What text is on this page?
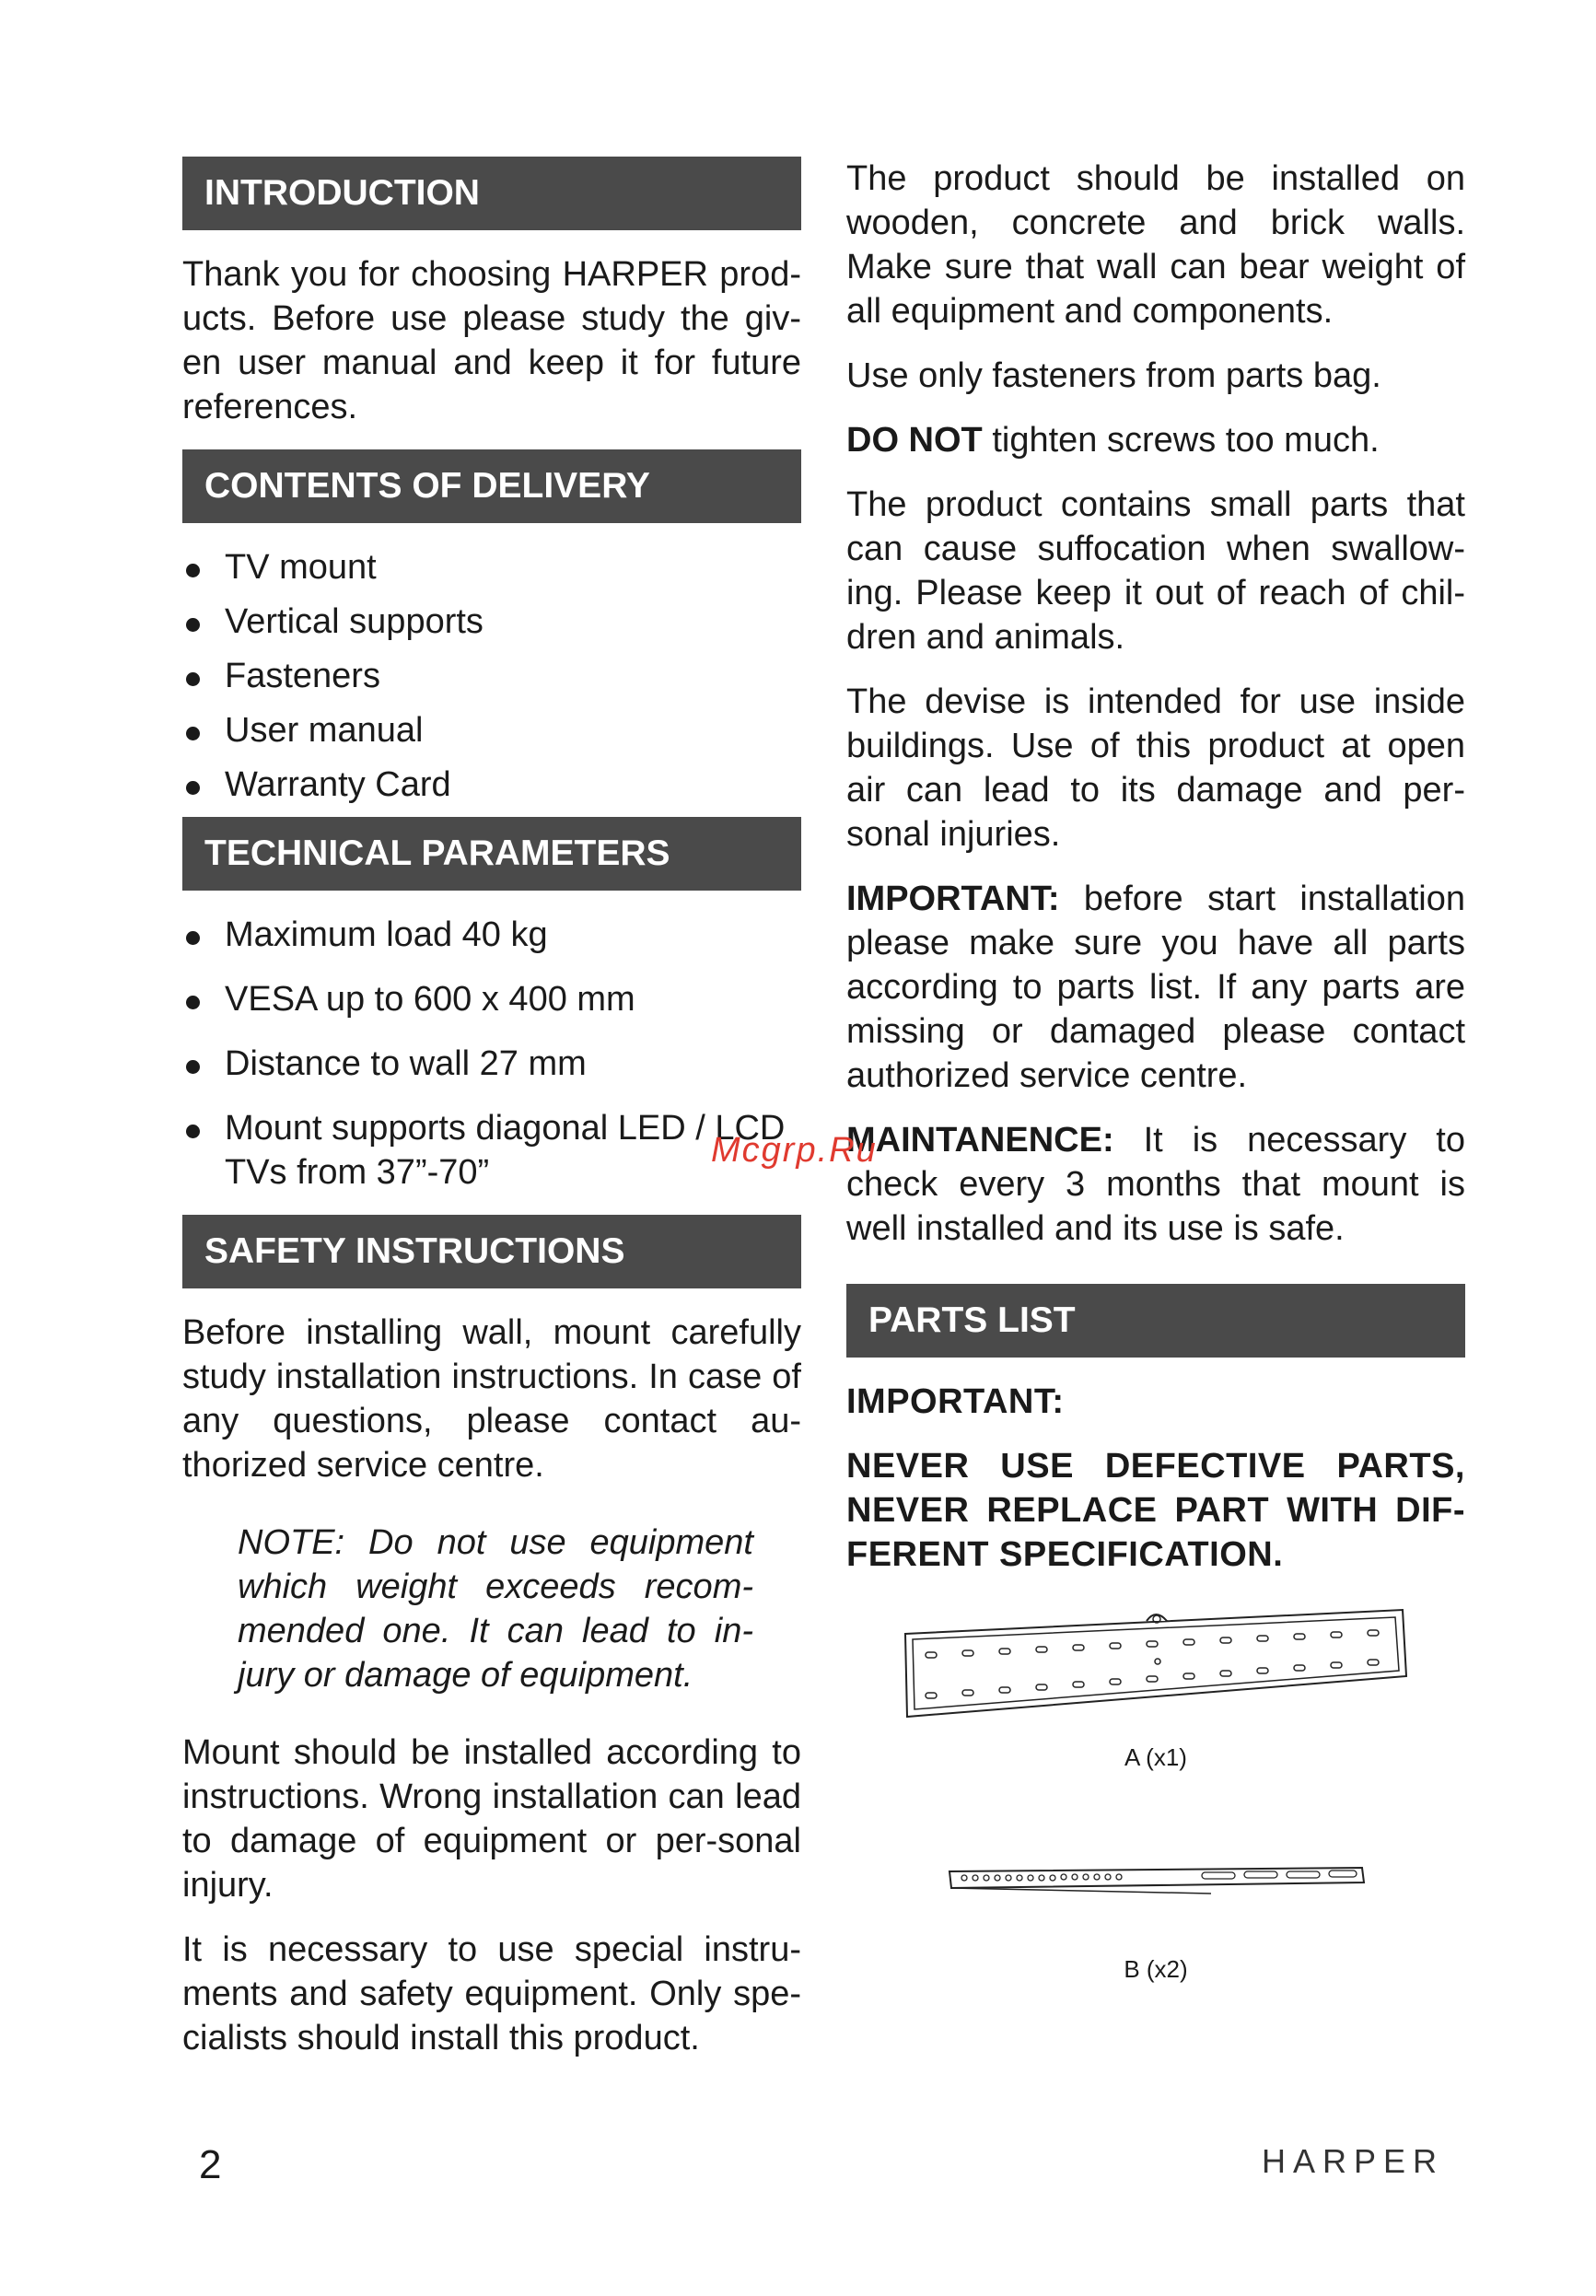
INTRODUCTION

Thank you for choosing HARPER prod-ucts. Before use please study the giv-en user manual and keep it for future references.

CONTENTS OF DELIVERY
TV mount
Vertical supports
Fasteners
User manual
Warranty Card
TECHNICAL PARAMETERS
Maximum load 40 kg
VESA up to 600 x 400 mm
Distance to wall 27 mm
Mount supports diagonal LED / LCD TVs from 37”-70”
SAFETY INSTRUCTIONS

Before installing wall, mount carefully study installation instructions. In case of any questions, please contact au-thorized service centre.

NOTE: Do not use equipment which weight exceeds recom-mended one. It can lead to in-jury or damage of equipment.

Mount should be installed according to instructions. Wrong installation can lead to damage of equipment or per-sonal injury.

It is necessary to use special instru-ments and safety equipment. Only spe-cialists should install this product.

The product should be installed on wooden, concrete and brick walls. Make sure that wall can bear weight of all equipment and components.

Use only fasteners from parts bag.

DO NOT tighten screws too much.

The product contains small parts that can cause suffocation when swallow-ing. Please keep it out of reach of chil-dren and animals.

The devise is intended for use inside buildings. Use of this product at open air can lead to its damage and per-sonal injuries.

IMPORTANT: before start installation please make sure you have all parts according to parts list. If any parts are missing or damaged please contact authorized service centre.

MAINTANENCE: It is necessary to check every 3 months that mount is well installed and its use is safe.

PARTS LIST

IMPORTANT:

NEVER USE DEFECTIVE PARTS, NEVER REPLACE PART WITH DIF-FERENT SPECIFICATION.

A (x1)

B (x2)

Mcgrp.Ru
2	HARPER
